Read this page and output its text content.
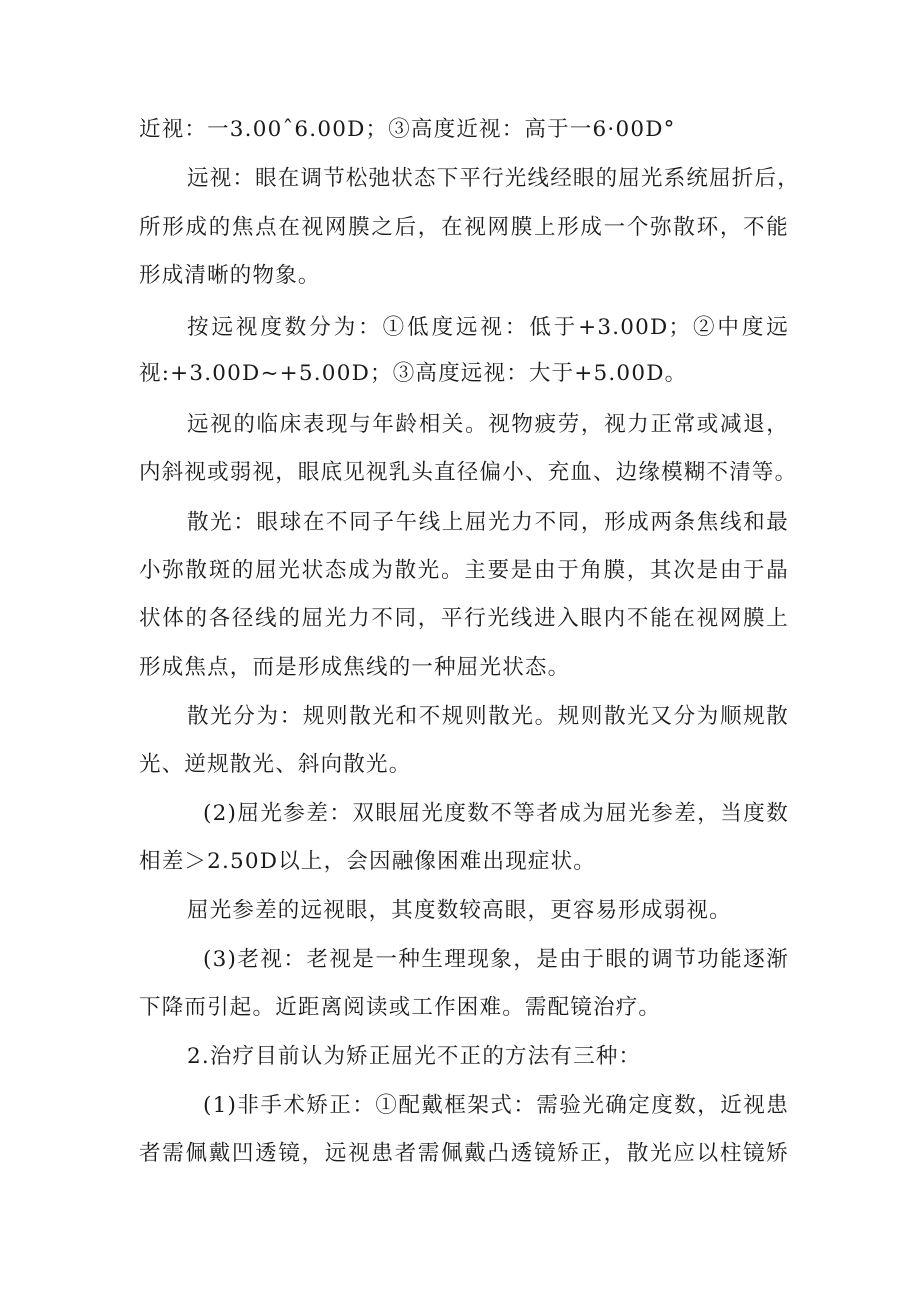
近视：一3.00ˆ6.00D；③高度近视：高于一6·00D°
远视：眼在调节松弛状态下平行光线经眼的屈光系统屈折后，
所形成的焦点在视网膜之后，在视网膜上形成一个弥散环，不能
形成清晰的物象。
按远视度数分为：①低度远视：低于+3.00D；②中度远
视:+3.00D~+5.00D；③高度远视：大于+5.00D。
远视的临床表现与年龄相关。视物疲劳，视力正常或减退，
内斜视或弱视，眼底见视乳头直径偏小、充血、边缘模糊不清等。
散光：眼球在不同子午线上屈光力不同，形成两条焦线和最
小弥散斑的屈光状态成为散光。主要是由于角膜，其次是由于晶
状体的各径线的屈光力不同，平行光线进入眼内不能在视网膜上
形成焦点，而是形成焦线的一种屈光状态。
散光分为：规则散光和不规则散光。规则散光又分为顺规散
光、逆规散光、斜向散光。
(2)屈光参差：双眼屈光度数不等者成为屈光参差，当度数
相差＞2.50D以上，会因融像困难出现症状。
屈光参差的远视眼，其度数较高眼，更容易形成弱视。
(3)老视：老视是一种生理现象，是由于眼的调节功能逐渐
下降而引起。近距离阅读或工作困难。需配镜治疗。
2.治疗目前认为矫正屈光不正的方法有三种：
(1)非手术矫正：①配戴框架式：需验光确定度数，近视患
者需佩戴凹透镜，远视患者需佩戴凸透镜矫正，散光应以柱镜矫
